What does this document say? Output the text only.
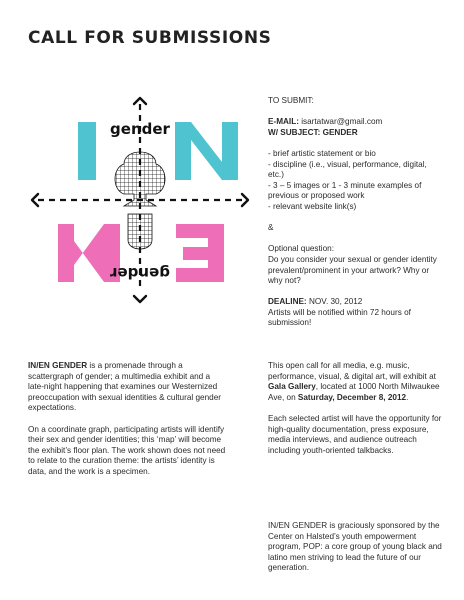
CALL FOR SUBMISSIONS
gender
gender

TO SUBMIT:

E-MAIL: isartatwar@gmail.com
W/ SUBJECT: GENDER

- brief artistic statement or bio
- discipline (i.e., visual, performance, digital, etc.)
- 3 – 5 images or 1 - 3 minute examples of previous or proposed work
- relevant website link(s)

&

Optional question:
Do you consider your sexual or gender identity prevalent/prominent in your artwork? Why or why not?

DEALINE: NOV. 30, 2012
Artists will be notified within 72 hours of submission!

IN/EN GENDER is a promenade through a scattergraph of gender; a multimedia exhibit and a late-night happening that examines our Westernized preoccupation with sexual identities & cultural gender expectations.

On a coordinate graph, participating artists will identify their sex and gender identities; this ‘map’ will become the exhibit’s floor plan. The work shown does not need to relate to the curation theme: the artists’ identity is data, and the work is a specimen.

This open call for all media, e.g. music, performance, visual, & digital art, will exhibit at Gala Gallery, located at 1000 North Milwaukee Ave, on Saturday, December 8, 2012.

Each selected artist will have the opportunity for high-quality documentation, press exposure, media interviews, and audience outreach including youth-oriented talkbacks.

IN/EN GENDER is graciously sponsored by the Center on Halsted’s youth empowerment program, POP: a core group of young black and latino men striving to lead the future of our generation.
